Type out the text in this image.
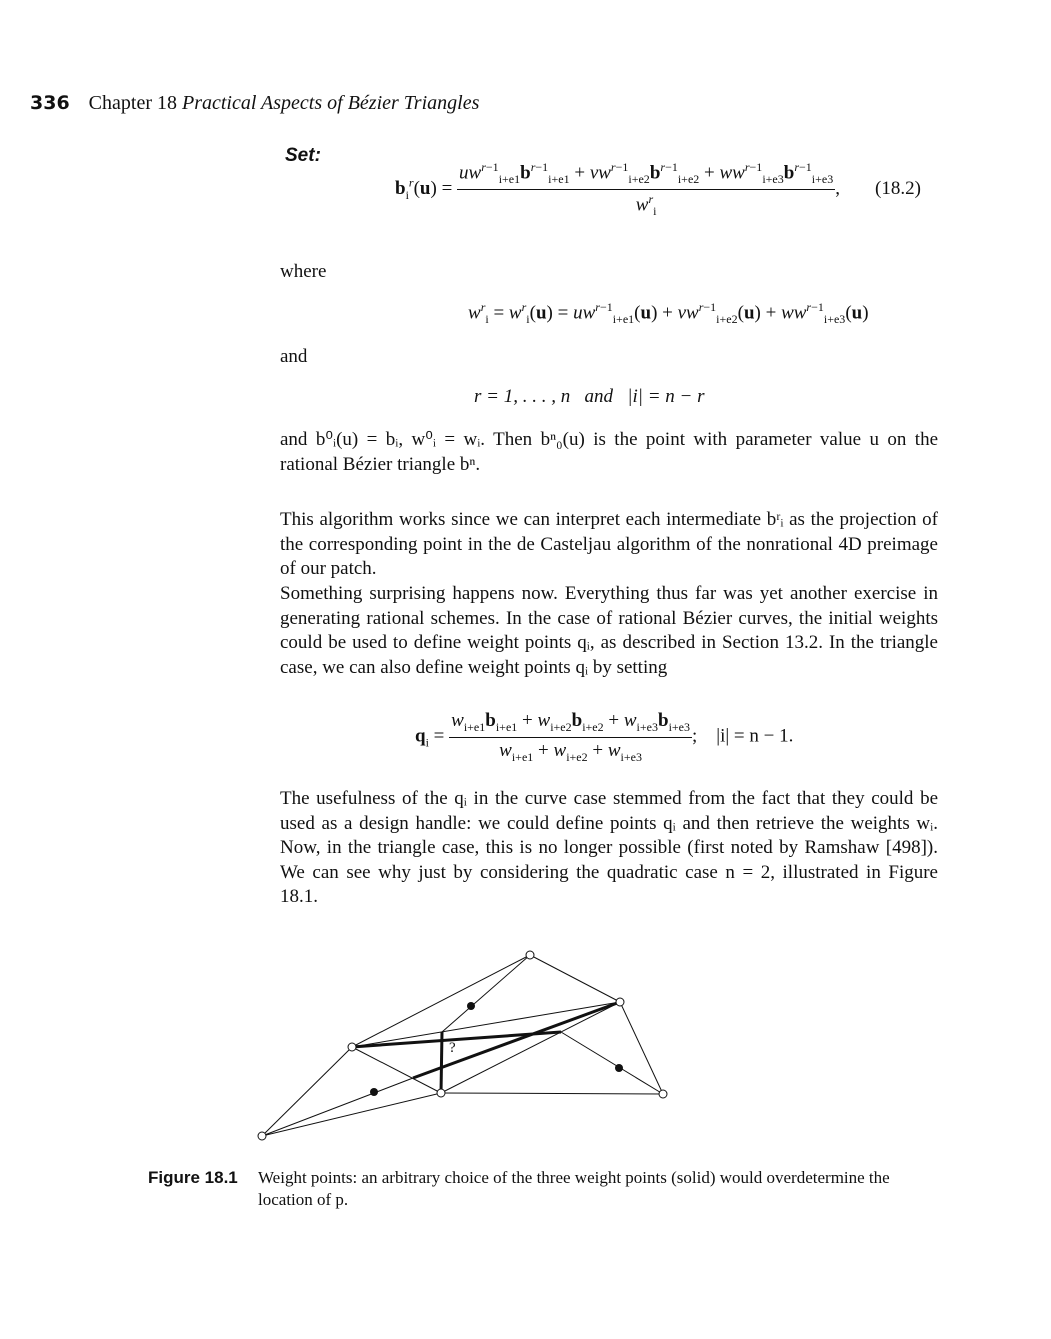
336 Chapter 18 Practical Aspects of Bézier Triangles
Set:
$b_i^r(u) = \frac{uw^{r-1}_{i+e1}b^{r-1}_{i+e1} + vw^{r-1}_{i+e2}b^{r-1}_{i+e2} + ww^{r-1}_{i+e3}b^{r-1}_{i+e3}}{w^r_i}$ , (18.2)
where
$w^r_i = w^r_i(u) = uw^{r-1}_{i+e1}(u) + vw^{r-1}_{i+e2}(u) + ww^{r-1}_{i+e3}(u)$
and
r = 1, . . . , n   and   |i| = n − r
and b⁰ᵢ(u) = bᵢ, w⁰ᵢ = wᵢ. Then bⁿ₀(u) is the point with parameter value u on the rational Bézier triangle bⁿ.
This algorithm works since we can interpret each intermediate bʳᵢ as the projection of the corresponding point in the de Casteljau algorithm of the nonrational 4D preimage of our patch.
Something surprising happens now. Everything thus far was yet another exercise in generating rational schemes. In the case of rational Bézier curves, the initial weights could be used to define weight points qᵢ, as described in Section 13.2. In the triangle case, we can also define weight points qᵢ by setting
$q_i = \frac{w_{i+e1}b_{i+e1} + w_{i+e2}b_{i+e2} + w_{i+e3}b_{i+e3}}{w_{i+e1} + w_{i+e2} + w_{i+e3}}$ ;    |i| = n − 1.
The usefulness of the qᵢ in the curve case stemmed from the fact that they could be used as a design handle: we could define points qᵢ and then retrieve the weights wᵢ. Now, in the triangle case, this is no longer possible (first noted by Ramshaw [498]). We can see why just by considering the quadratic case n = 2, illustrated in Figure 18.1.
?
Figure 18.1	Weight points: an arbitrary choice of the three weight points (solid) would overdetermine the location of p.
